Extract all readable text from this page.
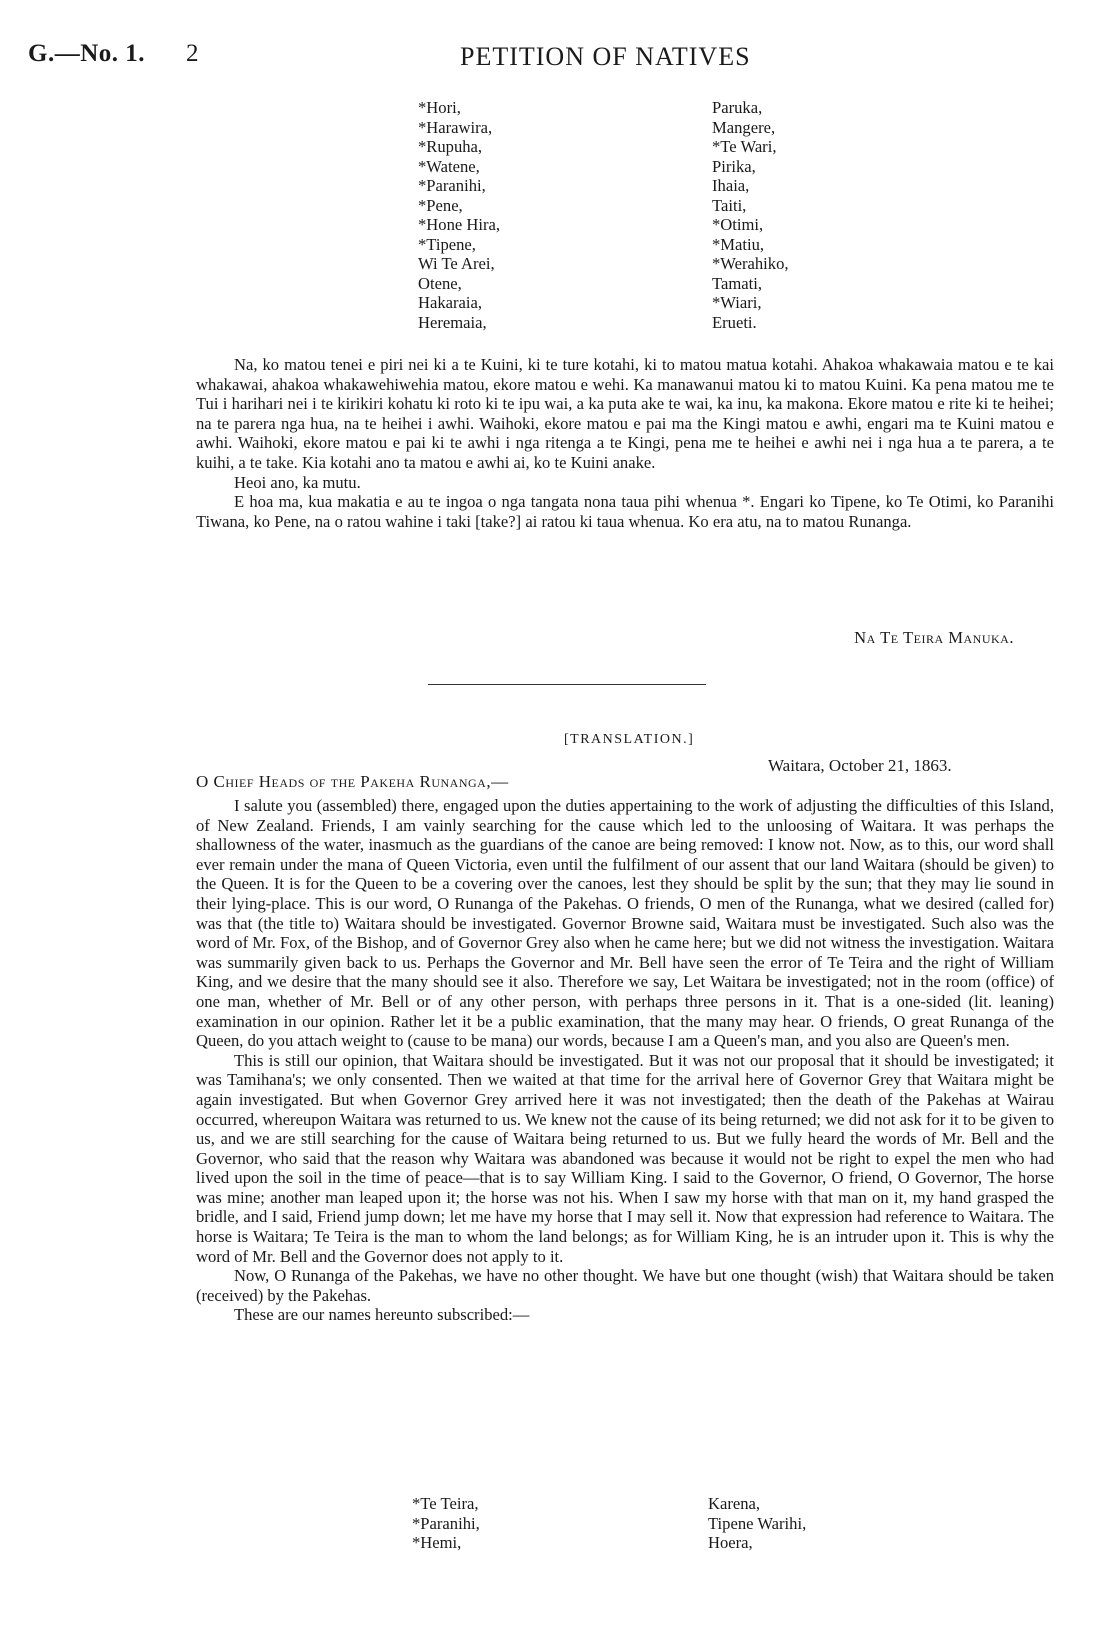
G.—No. 1. 2	PETITION OF NATIVES
*Hori,
*Harawira,
*Rupuha,
*Watene,
*Paranihi,
*Pene,
*Hone Hira,
*Tipene,
Wi Te Arei,
Otene,
Hakaraia,
Heremaia,
Paruka,
Mangere,
*Te Wari,
Pirika,
Ihaia,
Taiti,
*Otimi,
*Matiu,
*Werahiko,
Tamati,
*Wiari,
Erueti.

Na, ko matou tenei e piri nei ki a te Kuini, ki te ture kotahi, ki to matou matua kotahi. Ahakoa whakawaia matou e te kai whakawai, ahakoa whakawehiwehia matou, ekore matou e wehi. Ka manawanui matou ki to matou Kuini. Ka pena matou me te Tui i harihari nei i te kirikiri kohatu ki roto ki te ipu wai, a ka puta ake te wai, ka inu, ka makona. Ekore matou e rite ki te heihei; na te parera nga hua, na te heihei i awhi. Waihoki, ekore matou e pai ma the Kingi matou e awhi, engari ma te Kuini matou e awhi. Waihoki, ekore matou e pai ki te awhi i nga ritenga a te Kingi, pena me te heihei e awhi nei i nga hua a te parera, a te kuihi, a te take. Kia kotahi ano ta matou e awhi ai, ko te Kuini anake.

Heoi ano, ka mutu.

E hoa ma, kua makatia e au te ingoa o nga tangata nona taua pihi whenua *. Engari ko Tipene, ko Te Otimi, ko Paranihi Tiwana, ko Pene, na o ratou wahine i taki [take?] ai ratou ki taua whenua. Ko era atu, na to matou Runanga.

Na Te Teira Manuka.
[TRANSLATION.]
Waitara, October 21, 1863.
O Chief Heads of the Pakeha Runanga,—

I salute you (assembled) there, engaged upon the duties appertaining to the work of adjusting the difficulties of this Island, of New Zealand. Friends, I am vainly searching for the cause which led to the unloosing of Waitara. It was perhaps the shallowness of the water, inasmuch as the guardians of the canoe are being removed: I know not. Now, as to this, our word shall ever remain under the mana of Queen Victoria, even until the fulfilment of our assent that our land Waitara (should be given) to the Queen. It is for the Queen to be a covering over the canoes, lest they should be split by the sun; that they may lie sound in their lying-place. This is our word, O Runanga of the Pakehas. O friends, O men of the Runanga, what we desired (called for) was that (the title to) Waitara should be investigated. Governor Browne said, Waitara must be investigated. Such also was the word of Mr. Fox, of the Bishop, and of Governor Grey also when he came here; but we did not witness the investigation. Waitara was summarily given back to us. Perhaps the Governor and Mr. Bell have seen the error of Te Teira and the right of William King, and we desire that the many should see it also. Therefore we say, Let Waitara be investigated; not in the room (office) of one man, whether of Mr. Bell or of any other person, with perhaps three persons in it. That is a one-sided (lit. leaning) examination in our opinion. Rather let it be a public examination, that the many may hear. O friends, O great Runanga of the Queen, do you attach weight to (cause to be mana) our words, because I am a Queen's man, and you also are Queen's men.

This is still our opinion, that Waitara should be investigated. But it was not our proposal that it should be investigated; it was Tamihana's; we only consented. Then we waited at that time for the arrival here of Governor Grey that Waitara might be again investigated. But when Governor Grey arrived here it was not investigated; then the death of the Pakehas at Wairau occurred, whereupon Waitara was returned to us. We knew not the cause of its being returned; we did not ask for it to be given to us, and we are still searching for the cause of Waitara being returned to us. But we fully heard the words of Mr. Bell and the Governor, who said that the reason why Waitara was abandoned was because it would not be right to expel the men who had lived upon the soil in the time of peace—that is to say William King. I said to the Governor, O friend, O Governor, The horse was mine; another man leaped upon it; the horse was not his. When I saw my horse with that man on it, my hand grasped the bridle, and I said, Friend jump down; let me have my horse that I may sell it. Now that expression had reference to Waitara. The horse is Waitara; Te Teira is the man to whom the land belongs; as for William King, he is an intruder upon it. This is why the word of Mr. Bell and the Governor does not apply to it.

Now, O Runanga of the Pakehas, we have no other thought. We have but one thought (wish) that Waitara should be taken (received) by the Pakehas.

These are our names hereunto subscribed:—

*Te Teira,
*Paranihi,
*Hemi,
Karena,
Tipene Warihi,
Hoera,
